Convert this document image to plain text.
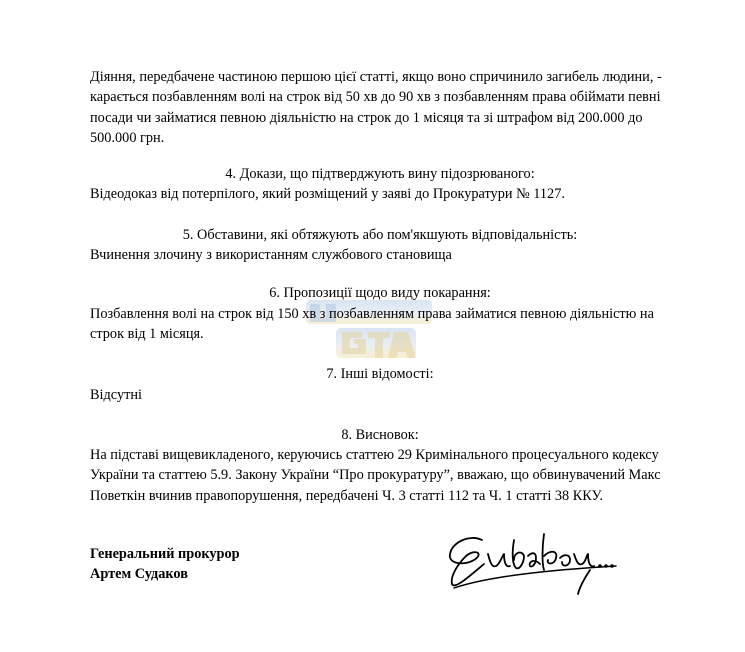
Діяння, передбачене частиною першою цієї статті, якщо воно спричинило загибель людини, - карається позбавленням волі на строк від 50 хв до 90 хв з позбавленням права обіймати певні посади чи займатися певною діяльністю на строк до 1 місяця та зі штрафом від 200.000 до 500.000 грн.

4. Докази, що підтверджують вину підозрюваного:

Відеодоказ від потерпілого, який розміщений у заяві до Прокуратури № 1127.

5. Обставини, які обтяжують або пом'якшують відповідальність:

Вчинення злочину з використанням службового становища

6. Пропозиції щодо виду покарання:

Позбавлення волі на строк від 150 хв з позбавленням права займатися певною діяльністю на строк від 1 місяця.

7. Інші відомості:

Відсутні

8. Висновок:

На підставі вищевикладеного, керуючись статтею 29 Кримінального процесуального кодексу України та статтею 5.9. Закону України “Про прокуратуру”, вважаю, що обвинувачений Макс Поветкін вчинив правопорушення, передбачені Ч. 3 статті 112 та Ч. 1 статті 38 ККУ.

Генеральний прокурор
Артем Судаков
